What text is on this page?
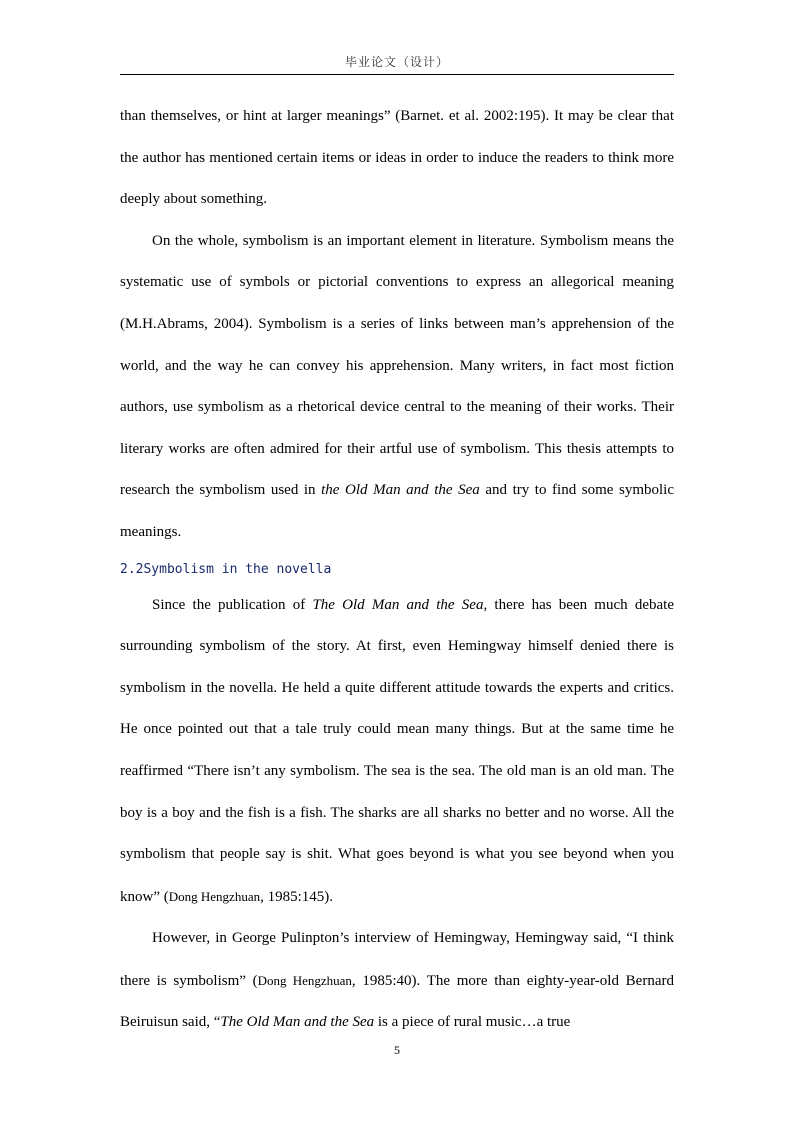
毕业论文（设计）

than themselves, or hint at larger meanings” (Barnet. et al. 2002:195). It may be clear that the author has mentioned certain items or ideas in order to induce the readers to think more deeply about something.

On the whole, symbolism is an important element in literature. Symbolism means the systematic use of symbols or pictorial conventions to express an allegorical meaning (M.H.Abrams, 2004). Symbolism is a series of links between man’s apprehension of the world, and the way he can convey his apprehension. Many writers, in fact most fiction authors, use symbolism as a rhetorical device central to the meaning of their works. Their literary works are often admired for their artful use of symbolism. This thesis attempts to research the symbolism used in the Old Man and the Sea and try to find some symbolic meanings.

2.2Symbolism in the novella

Since the publication of The Old Man and the Sea, there has been much debate surrounding symbolism of the story. At first, even Hemingway himself denied there is symbolism in the novella. He held a quite different attitude towards the experts and critics. He once pointed out that a tale truly could mean many things. But at the same time he reaffirmed “There isn’t any symbolism. The sea is the sea. The old man is an old man. The boy is a boy and the fish is a fish. The sharks are all sharks no better and no worse. All the symbolism that people say is shit. What goes beyond is what you see beyond when you know” (Dong Hengzhuan, 1985:145).

However, in George Pulinpton’s interview of Hemingway, Hemingway said, “I think there is symbolism” (Dong Hengzhuan, 1985:40). The more than eighty-year-old Bernard Beiruisun said, “The Old Man and the Sea is a piece of rural music…a true

5
